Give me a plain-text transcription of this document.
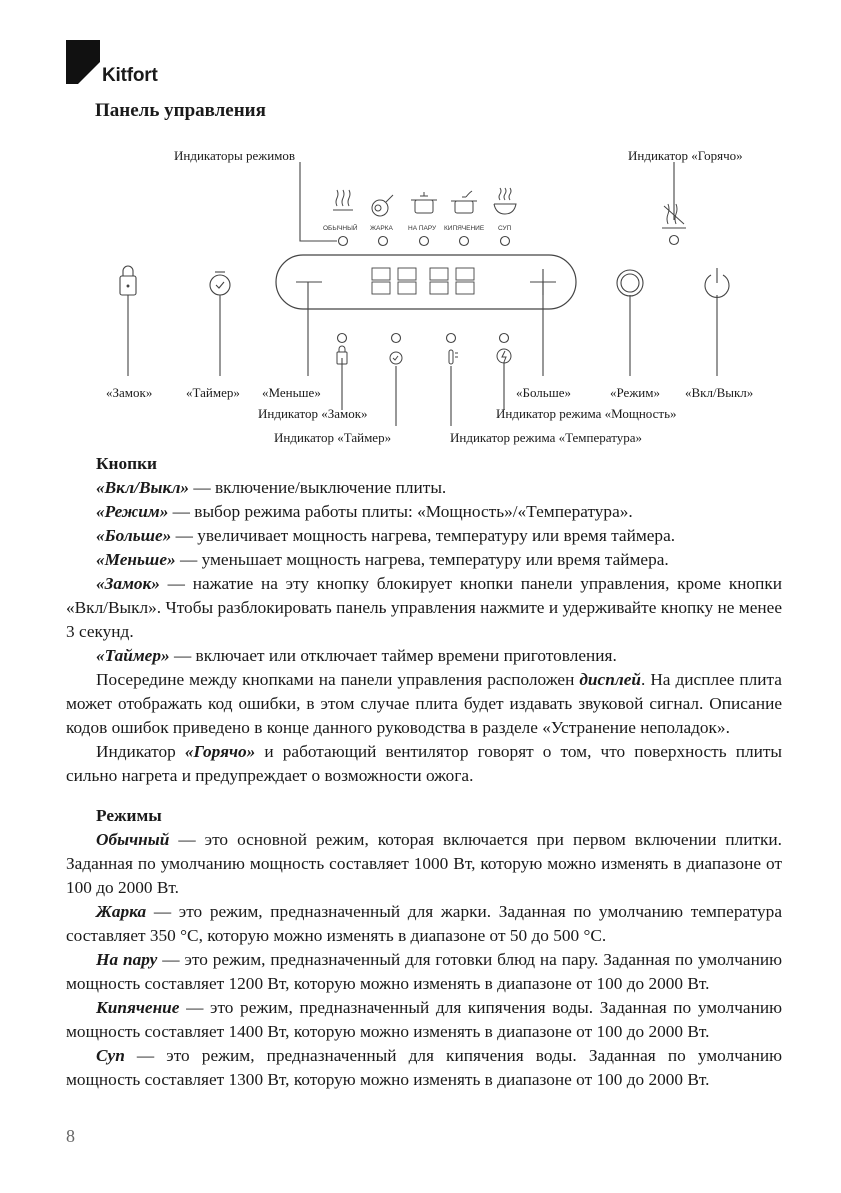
Kitfort
Панель управления
ОБЫЧНЫЙ ЖАРКА НА ПАРУ КИПЯЧЕНИЕ СУП
Индикаторы режимов	Индикатор «Горячо»
«Замок»	«Таймер» «Меньше»	«Больше»	«Режим» «Вкл/Выкл»
Индикатор «Замок»	Индикатор режима «Мощность»
Индикатор «Таймер»	Индикатор режима «Температура»

Кнопки

«Вкл/Выкл» — включение/выключение плиты.

«Режим» — выбор режима работы плиты: «Мощность»/«Температура».

«Больше» — увеличивает мощность нагрева, температуру или время таймера.

«Меньше» — уменьшает мощность нагрева, температуру или время таймера.

«Замок» — нажатие на эту кнопку блокирует кнопки панели управления, кроме кнопки «Вкл/Выкл». Чтобы разблокировать панель управления нажмите и удерживайте кнопку не менее 3 секунд.

«Таймер» — включает или отключает таймер времени приготовления.

Посередине между кнопками на панели управления расположен дисплей. На дисплее плита может отображать код ошибки, в этом случае плита будет издавать звуковой сигнал. Описание кодов ошибок приведено в конце данного руководства в разделе «Устранение неполадок».

Индикатор «Горячо» и работающий вентилятор говорят о том, что поверхность плиты сильно нагрета и предупреждает о возможности ожога.

Режимы

Обычный — это основной режим, которая включается при первом включении плитки. Заданная по умолчанию мощность составляет 1000 Вт, которую можно изменять в диапазоне от 100 до 2000 Вт.

Жарка — это режим, предназначенный для жарки. Заданная по умолчанию температура составляет 350 °С, которую можно изменять в диапазоне от 50 до 500 °С.

На пару — это режим, предназначенный для готовки блюд на пару. Заданная по умолчанию мощность составляет 1200 Вт, которую можно изменять в диапазоне от 100 до 2000 Вт.

Кипячение — это режим, предназначенный для кипячения воды. Заданная по умолчанию мощность составляет 1400 Вт, которую можно изменять в диапазоне от 100 до 2000 Вт.

Суп — это режим, предназначенный для кипячения воды. Заданная по умолчанию мощность составляет 1300 Вт, которую можно изменять в диапазоне от 100 до 2000 Вт.

8
